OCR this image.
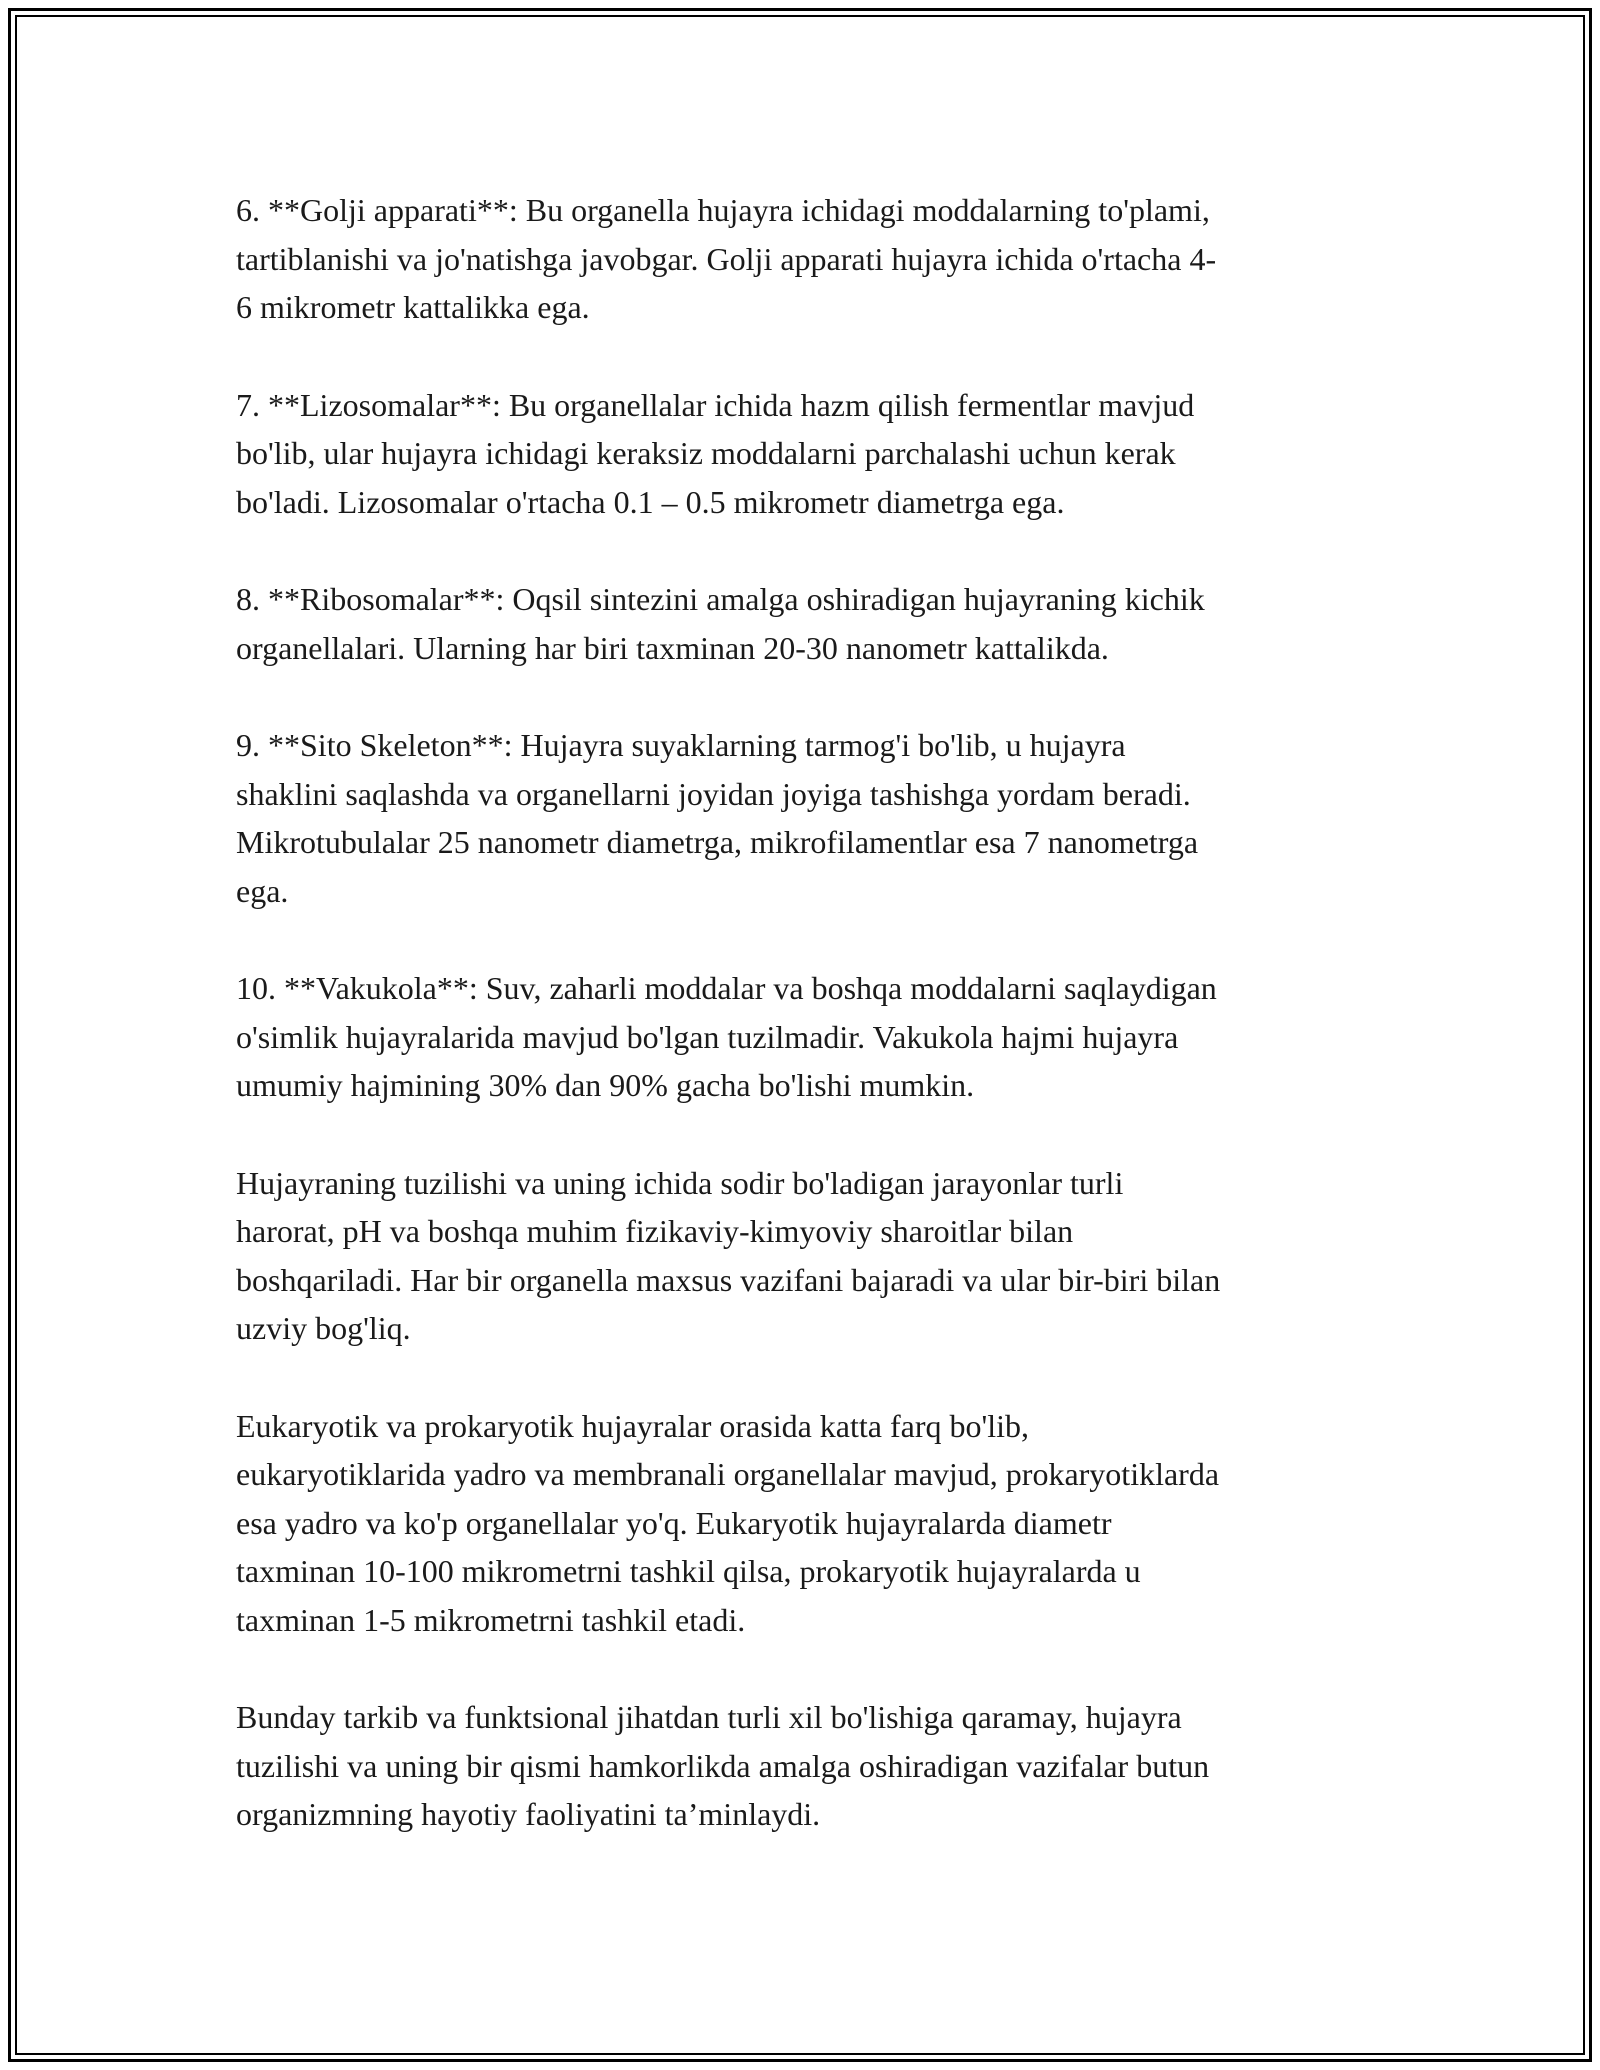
6. **Golji apparati**: Bu organella hujayra ichidagi moddalarning to'plami,
tartiblanishi va jo'natishga javobgar. Golji apparati hujayra ichida o'rtacha 4-
6 mikrometr kattalikka ega.

7. **Lizosomalar**: Bu organellalar ichida hazm qilish fermentlar mavjud
bo'lib, ular hujayra ichidagi keraksiz moddalarni parchalashi uchun kerak
bo'ladi. Lizosomalar o'rtacha 0.1 – 0.5 mikrometr diametrga ega.

8. **Ribosomalar**: Oqsil sintezini amalga oshiradigan hujayraning kichik
organellalari. Ularning har biri taxminan 20-30 nanometr kattalikda.

9. **Sito Skeleton**: Hujayra suyaklarning tarmog'i bo'lib, u hujayra
shaklini saqlashda va organellarni joyidan joyiga tashishga yordam beradi.
Mikrotubulalar 25 nanometr diametrga, mikrofilamentlar esa 7 nanometrga
ega.

10. **Vakukola**: Suv, zaharli moddalar va boshqa moddalarni saqlaydigan
o'simlik hujayralarida mavjud bo'lgan tuzilmadir. Vakukola hajmi hujayra
umumiy hajmining 30% dan 90% gacha bo'lishi mumkin.

Hujayraning tuzilishi va uning ichida sodir bo'ladigan jarayonlar turli
harorat, pH va boshqa muhim fizikaviy-kimyoviy sharoitlar bilan
boshqariladi. Har bir organella maxsus vazifani bajaradi va ular bir-biri bilan
uzviy bog'liq.

Eukaryotik va prokaryotik hujayralar orasida katta farq bo'lib,
eukaryotiklarida yadro va membranali organellalar mavjud, prokaryotiklarda
esa yadro va ko'p organellalar yo'q. Eukaryotik hujayralarda diametr
taxminan 10-100 mikrometrni tashkil qilsa, prokaryotik hujayralarda u
taxminan 1-5 mikrometrni tashkil etadi.

Bunday tarkib va funktsional jihatdan turli xil bo'lishiga qaramay, hujayra
tuzilishi va uning bir qismi hamkorlikda amalga oshiradigan vazifalar butun
organizmning hayotiy faoliyatini ta’minlaydi.
